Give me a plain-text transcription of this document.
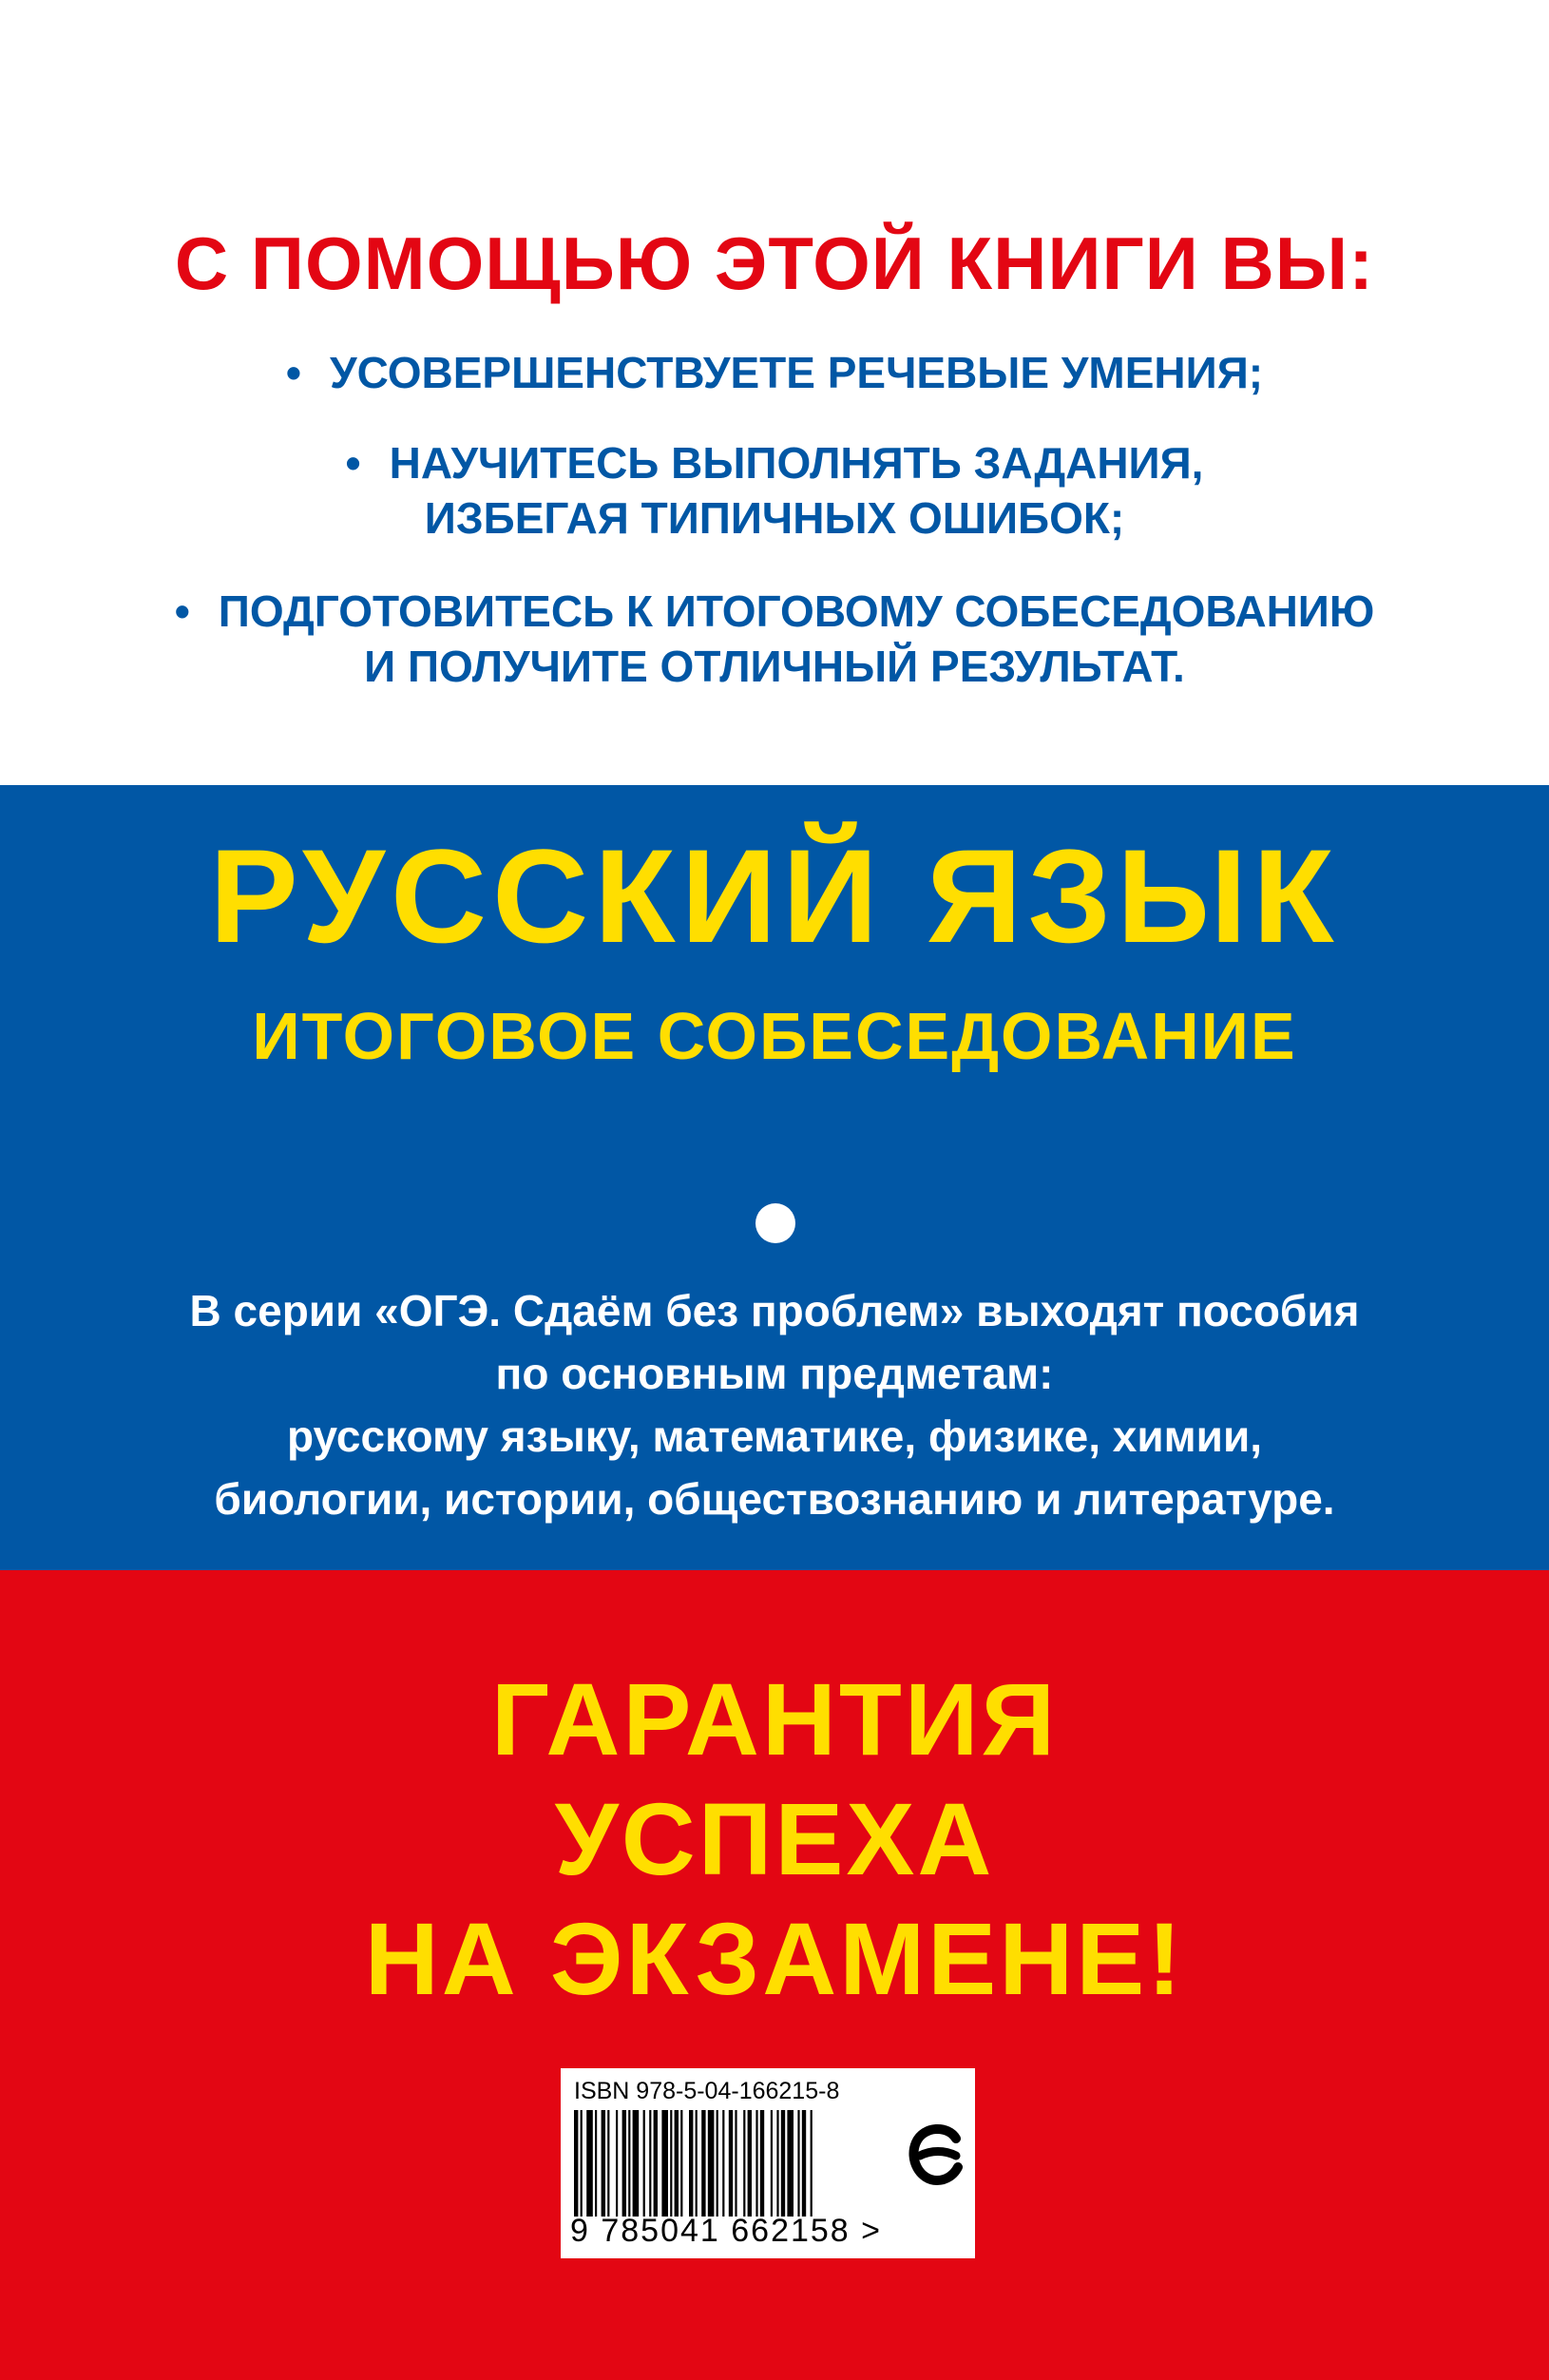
С ПОМОЩЬЮ ЭТОЙ КНИГИ ВЫ:
• УСОВЕРШЕНСТВУЕТЕ РЕЧЕВЫЕ УМЕНИЯ;
• НАУЧИТЕСЬ ВЫПОЛНЯТЬ ЗАДАНИЯ,
ИЗБЕГАЯ ТИПИЧНЫХ ОШИБОК;
• ПОДГОТОВИТЕСЬ К ИТОГОВОМУ СОБЕСЕДОВАНИЮ
И ПОЛУЧИТЕ ОТЛИЧНЫЙ РЕЗУЛЬТАТ.
РУССКИЙ ЯЗЫК
ИТОГОВОЕ СОБЕСЕДОВАНИЕ
В серии «ОГЭ. Сдаём без проблем» выходят пособия
по основным предметам:
русскому языку, математике, физике, химии,
биологии, истории, обществознанию и литературе.
ГАРАНТИЯ
УСПЕХА
НА ЭКЗАМЕНЕ!
ISBN 978-5-04-166215-8
9 785041 662158 >
